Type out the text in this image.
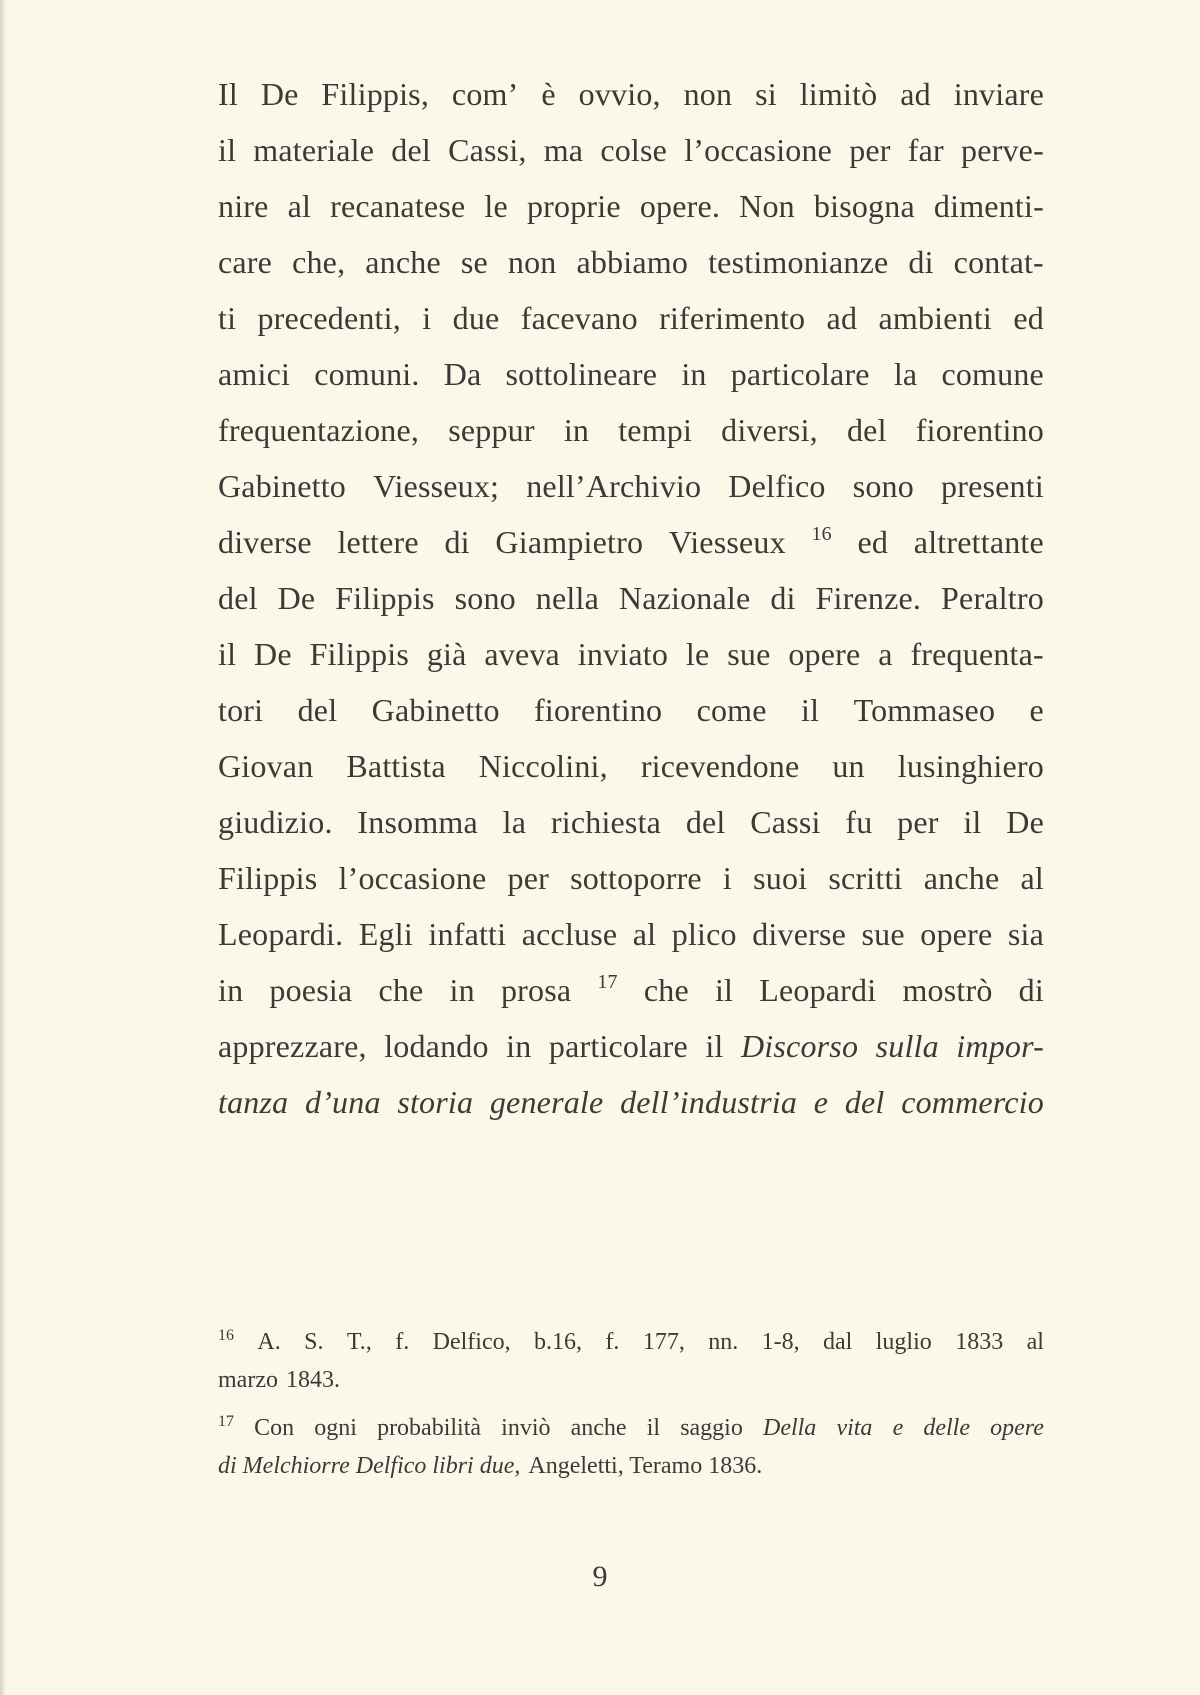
Il De Filippis, com’ è ovvio, non si limitò ad inviare
il materiale del Cassi, ma colse l’occasione per far perve-
nire al recanatese le proprie opere. Non bisogna dimenti-
care che, anche se non abbiamo testimonianze di contat-
ti precedenti, i due facevano riferimento ad ambienti ed
amici comuni. Da sottolineare in particolare la comune
frequentazione, seppur in tempi diversi, del fiorentino
Gabinetto Viesseux; nell’Archivio Delfico sono presenti
diverse lettere di Giampietro Viesseux 16 ed altrettante
del De Filippis sono nella Nazionale di Firenze. Peraltro
il De Filippis già aveva inviato le sue opere a frequenta-
tori del Gabinetto fiorentino come il Tommaseo e
Giovan Battista Niccolini, ricevendone un lusinghiero
giudizio. Insomma la richiesta del Cassi fu per il De
Filippis l’occasione per sottoporre i suoi scritti anche al
Leopardi. Egli infatti accluse al plico diverse sue opere sia
in poesia che in prosa 17 che il Leopardi mostrò di
apprezzare, lodando in particolare il Discorso sulla impor-
tanza d’una storia generale dell’industria e del commercio
16 A. S. T., f. Delfico, b.16, f. 177, nn. 1-8, dal luglio 1833 al
marzo 1843.
17 Con ogni probabilità inviò anche il saggio Della vita e delle opere
di Melchiorre Delfico libri due, Angeletti, Teramo 1836.
9
